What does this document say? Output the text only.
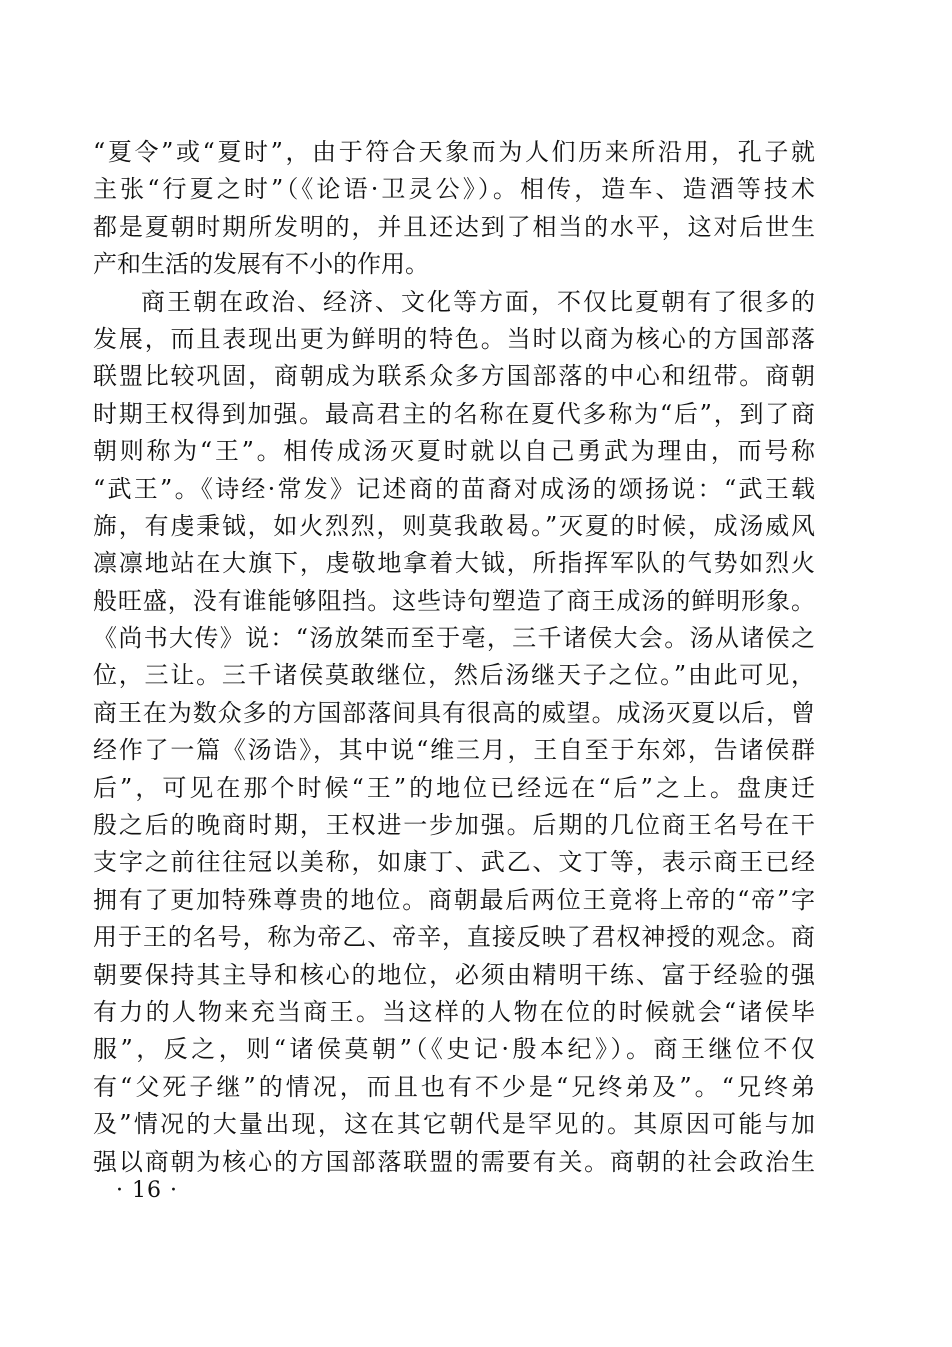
“夏令”或“夏时”，由于符合天象而为人们历来所沿用，孔子就
主张“行夏之时”（《论语·卫灵公》）。相传，造车、造酒等技术
都是夏朝时期所发明的，并且还达到了相当的水平，这对后世生
产和生活的发展有不小的作用。
商王朝在政治、经济、文化等方面，不仅比夏朝有了很多的
发展，而且表现出更为鲜明的特色。当时以商为核心的方国部落
联盟比较巩固，商朝成为联系众多方国部落的中心和纽带。商朝
时期王权得到加强。最高君主的名称在夏代多称为“后”，到了商
朝则称为“王”。相传成汤灭夏时就以自己勇武为理由，而号称
“武王”。《诗经·常发》记述商的苗裔对成汤的颂扬说：“武王载
旆，有虔秉钺，如火烈烈，则莫我敢曷。”灭夏的时候，成汤威风
凛凛地站在大旗下，虔敬地拿着大钺，所指挥军队的气势如烈火
般旺盛，没有谁能够阻挡。这些诗句塑造了商王成汤的鲜明形象。
《尚书大传》说：“汤放桀而至于亳，三千诸侯大会。汤从诸侯之
位，三让。三千诸侯莫敢继位，然后汤继天子之位。”由此可见，
商王在为数众多的方国部落间具有很高的威望。成汤灭夏以后，曾
经作了一篇《汤诰》，其中说“维三月，王自至于东郊，告诸侯群
后”，可见在那个时候“王”的地位已经远在“后”之上。盘庚迁
殷之后的晚商时期，王权进一步加强。后期的几位商王名号在干
支字之前往往冠以美称，如康丁、武乙、文丁等，表示商王已经
拥有了更加特殊尊贵的地位。商朝最后两位王竟将上帝的“帝”字
用于王的名号，称为帝乙、帝辛，直接反映了君权神授的观念。商
朝要保持其主导和核心的地位，必须由精明干练、富于经验的强
有力的人物来充当商王。当这样的人物在位的时候就会“诸侯毕
服”，反之，则“诸侯莫朝”（《史记·殷本纪》）。商王继位不仅
有“父死子继”的情况，而且也有不少是“兄终弟及”。“兄终弟
及”情况的大量出现，这在其它朝代是罕见的。其原因可能与加
强以商朝为核心的方国部落联盟的需要有关。商朝的社会政治生
· 16 ·
